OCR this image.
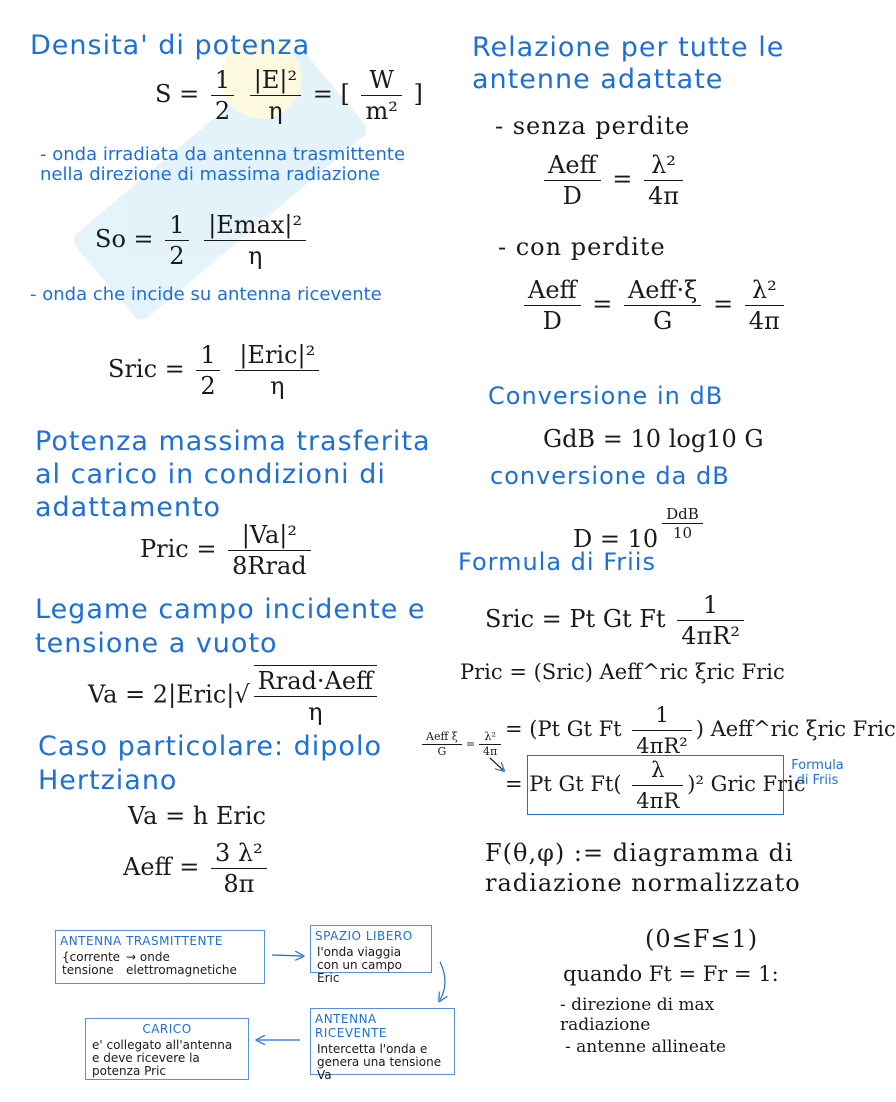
Densita' di potenza
$S = \frac{1}{2}$
$\frac{\text{|E|²}}{\eta}$ = [ $\frac{W}{\text{m²}}$ ]
- onda irradiata da antenna trasmittente nella direzione di massima radiazione
$So = \frac{1}{2}$
$\frac{\text{|Emax|²}}{\eta}$
- onda che incide su antenna ricevente
Sric = $\frac{1}{2}$
$\frac{\text{|Eric|²}}{\eta}$
Potenza massima trasferita al carico in condizioni di adattamento
Pric = $\frac{\text{|Va|²}}{\text{8Rrad}}$
Legame campo incidente e tensione a vuoto
Va = 2|Eric|√ $\frac{\text{Rrad·Aeff}}{\eta}$
Caso particolare: dipolo Hertziano
Va = h Eric
Aeff = $\frac{\text{3 λ²}}{8\pi}$
Relazione per tutte le antenne adattate
- senza perdite
$\frac{\text{Aeff}}{D} = \frac{\text{λ²}}{4\pi}$
- con perdite
$\frac{\text{Aeff}}{D} = \frac{\text{Aeff·ξ}}{G} = \frac{\text{λ²}}{4\pi}$
Conversione in dB
GdB = 10 log10 G
conversione da dB
$D = 10 \frac{\text{DdB}}{10}$
Formula di Friis
Sric = Pt Gt Ft $\frac{1}{\text{4πR²}}$
Pric = (Sric) Aeff^ric ξric Fric
= (Pt Gt Ft $\frac{1}{\text{4πR²}}$ ) Aeff^ric ξric Fric
$\frac{\text{Aeff ξ}}{G} = \frac{\text{λ²}}{4\pi}$
= Pt Gt $Ft( \frac{\lambda}{4\pi R} )^2$ Gric Fric
Formula di Friis
F(θ,φ) := diagramma di radiazione normalizzato
(0≤F≤1)
quando Ft = Fr = 1:
- direzione di max radiazione
- antenne allineate
ANTENNA TRASMITTENTE
{corrente
tensione
→ onde elettromagnetiche
SPAZIO LIBERO
l'onda viaggia con un campo Eric
ANTENNA RICEVENTE
Intercetta l'onda e genera una tensione Va
CARICO
e' collegato all'antenna e deve ricevere la potenza Pric
